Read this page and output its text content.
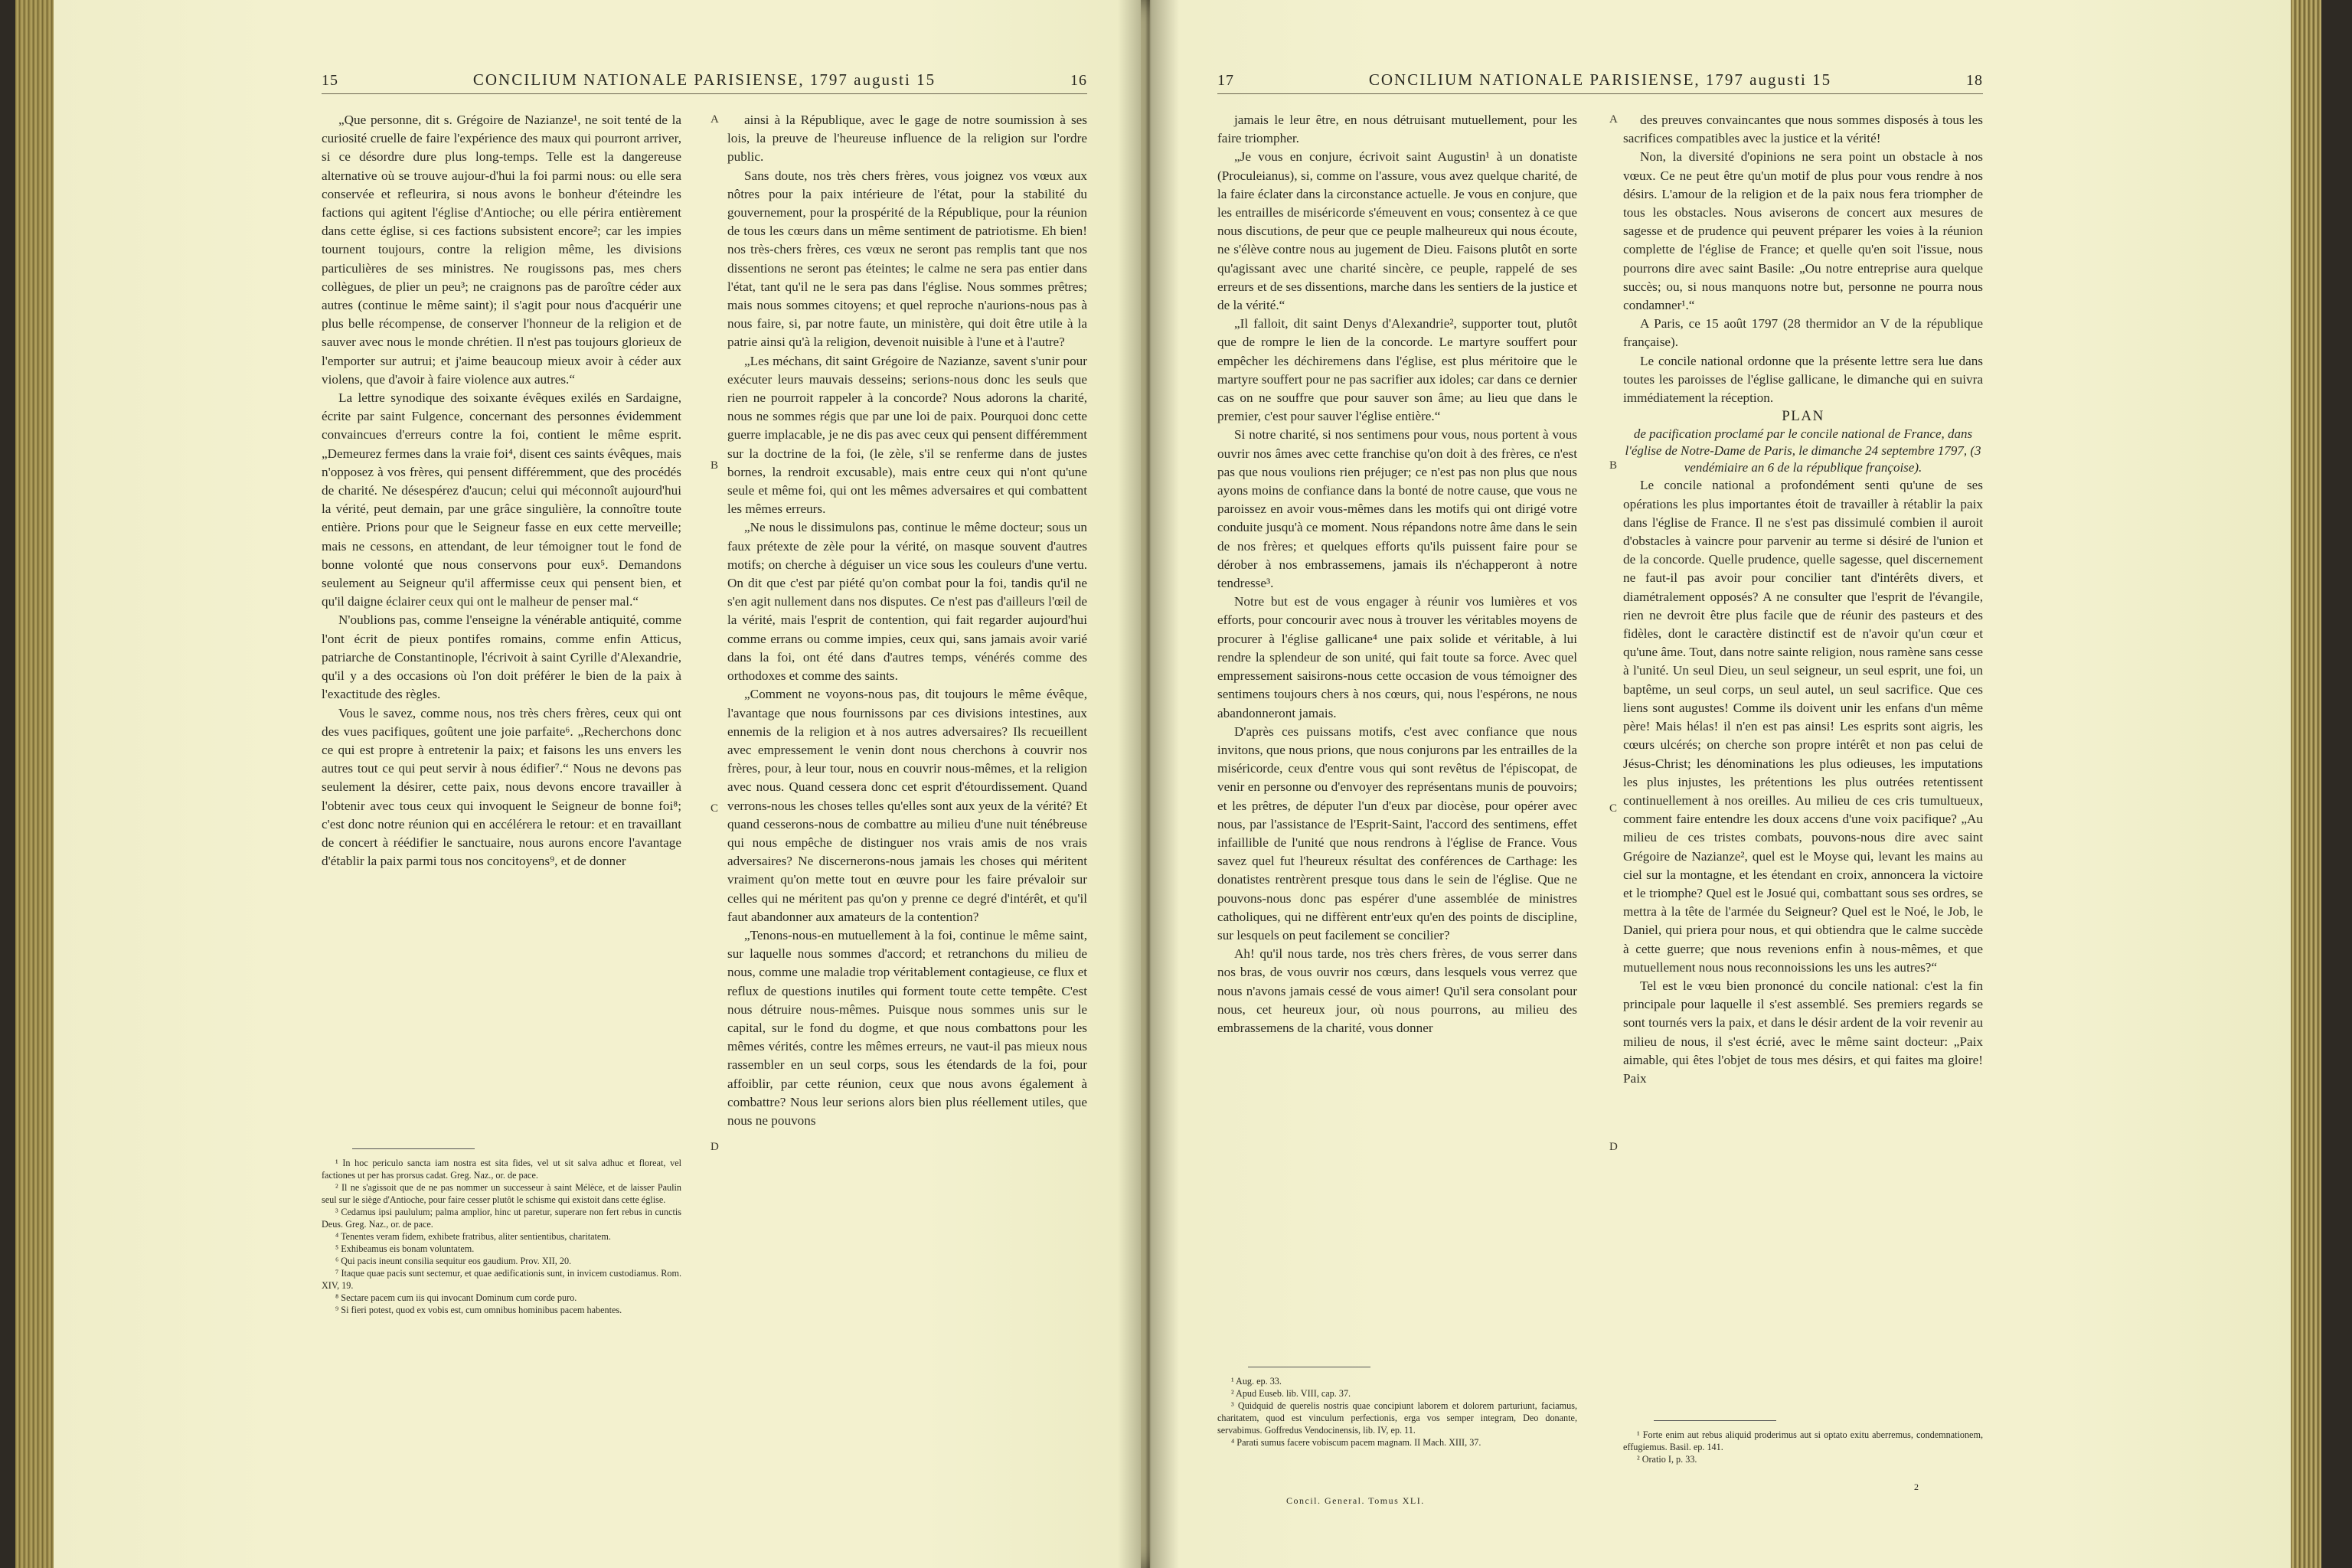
15	CONCILIUM NATIONALE PARISIENSE, 1797 augusti 15	16

„Que personne, dit s. Grégoire de Nazianze¹, ne soit tenté de la curiosité cruelle de faire l'expérience des maux qui pourront arriver, si ce désordre dure plus long-temps. Telle est la dangereuse alternative où se trouve aujour-d'hui la foi parmi nous: ou elle sera conservée et refleurira, si nous avons le bonheur d'éteindre les factions qui agitent l'église d'Antioche; ou elle périra entièrement dans cette église, si ces factions subsistent encore²; car les impies tournent toujours, contre la religion même, les divisions particulières de ses ministres. Ne rougissons pas, mes chers collègues, de plier un peu³; ne craignons pas de paroître céder aux autres (continue le même saint); il s'agit pour nous d'acquérir une plus belle récompense, de conserver l'honneur de la religion et de sauver avec nous le monde chrétien. Il n'est pas toujours glorieux de l'emporter sur autrui; et j'aime beaucoup mieux avoir à céder aux violens, que d'avoir à faire violence aux autres.“

La lettre synodique des soixante évêques exilés en Sardaigne, écrite par saint Fulgence, concernant des personnes évidemment convaincues d'erreurs contre la foi, contient le même esprit. „Demeurez fermes dans la vraie foi⁴, disent ces saints évêques, mais n'opposez à vos frères, qui pensent différemment, que des procédés de charité. Ne désespérez d'aucun; celui qui méconnoît aujourd'hui la vérité, peut demain, par une grâce singulière, la connoître toute entière. Prions pour que le Seigneur fasse en eux cette merveille; mais ne cessons, en attendant, de leur témoigner tout le fond de bonne volonté que nous conservons pour eux⁵. Demandons seulement au Seigneur qu'il affermisse ceux qui pensent bien, et qu'il daigne éclairer ceux qui ont le malheur de penser mal.“

N'oublions pas, comme l'enseigne la vénérable antiquité, comme l'ont écrit de pieux pontifes romains, comme enfin Atticus, patriarche de Constantinople, l'écrivoit à saint Cyrille d'Alexandrie, qu'il y a des occasions où l'on doit préférer le bien de la paix à l'exactitude des règles.

Vous le savez, comme nous, nos très chers frères, ceux qui ont des vues pacifiques, goûtent une joie parfaite⁶. „Recherchons donc ce qui est propre à entretenir la paix; et faisons les uns envers les autres tout ce qui peut servir à nous édifier⁷.“ Nous ne devons pas seulement la désirer, cette paix, nous devons encore travailler à l'obtenir avec tous ceux qui invoquent le Seigneur de bonne foi⁸; c'est donc notre réunion qui en accélérera le retour: et en travaillant de concert à réédifier le sanctuaire, nous aurons encore l'avantage d'établir la paix parmi tous nos concitoyens⁹, et de donner

¹ In hoc periculo sancta iam nostra est sita fides, vel ut sit salva adhuc et floreat, vel factiones ut per has prorsus cadat. Greg. Naz., or. de pace.

² Il ne s'agissoit que de ne pas nommer un successeur à saint Mélèce, et de laisser Paulin seul sur le siège d'Antioche, pour faire cesser plutôt le schisme qui existoit dans cette église.

³ Cedamus ipsi paululum; palma amplior, hinc ut paretur, superare non fert rebus in cunctis Deus. Greg. Naz., or. de pace.

⁴ Tenentes veram fidem, exhibete fratribus, aliter sentientibus, charitatem.

⁵ Exhibeamus eis bonam voluntatem.

⁶ Qui pacis ineunt consilia sequitur eos gaudium. Prov. XII, 20.

⁷ Itaque quae pacis sunt sectemur, et quae aedificationis sunt, in invicem custodiamus. Rom. XIV, 19.

⁸ Sectare pacem cum iis qui invocant Dominum cum corde puro.

⁹ Si fieri potest, quod ex vobis est, cum omnibus hominibus pacem habentes.

ainsi à la République, avec le gage de notre soumission à ses lois, la preuve de l'heureuse influence de la religion sur l'ordre public.

Sans doute, nos très chers frères, vous joignez vos vœux aux nôtres pour la paix intérieure de l'état, pour la stabilité du gouvernement, pour la prospérité de la République, pour la réunion de tous les cœurs dans un même sentiment de patriotisme. Eh bien! nos très-chers frères, ces vœux ne seront pas remplis tant que nos dissentions ne seront pas éteintes; le calme ne sera pas entier dans l'état, tant qu'il ne le sera pas dans l'église. Nous sommes prêtres; mais nous sommes citoyens; et quel reproche n'aurions-nous pas à nous faire, si, par notre faute, un ministère, qui doit être utile à la patrie ainsi qu'à la religion, devenoit nuisible à l'une et à l'autre?

„Les méchans, dit saint Grégoire de Nazianze, savent s'unir pour exécuter leurs mauvais desseins; serions-nous donc les seuls que rien ne pourroit rappeler à la concorde? Nous adorons la charité, nous ne sommes régis que par une loi de paix. Pourquoi donc cette guerre implacable, je ne dis pas avec ceux qui pensent différemment sur la doctrine de la foi, (le zèle, s'il se renferme dans de justes bornes, la rendroit excusable), mais entre ceux qui n'ont qu'une seule et même foi, qui ont les mêmes adversaires et qui combattent les mêmes erreurs.

„Ne nous le dissimulons pas, continue le même docteur; sous un faux prétexte de zèle pour la vérité, on masque souvent d'autres motifs; on cherche à déguiser un vice sous les couleurs d'une vertu. On dit que c'est par piété qu'on combat pour la foi, tandis qu'il ne s'en agit nullement dans nos disputes. Ce n'est pas d'ailleurs l'œil de la vérité, mais l'esprit de contention, qui fait regarder aujourd'hui comme errans ou comme impies, ceux qui, sans jamais avoir varié dans la foi, ont été dans d'autres temps, vénérés comme des orthodoxes et comme des saints.

„Comment ne voyons-nous pas, dit toujours le même évêque, l'avantage que nous fournissons par ces divisions intestines, aux ennemis de la religion et à nos autres adversaires? Ils recueillent avec empressement le venin dont nous cherchons à couvrir nos frères, pour, à leur tour, nous en couvrir nous-mêmes, et la religion avec nous. Quand cessera donc cet esprit d'étourdissement. Quand verrons-nous les choses telles qu'elles sont aux yeux de la vérité? Et quand cesserons-nous de combattre au milieu d'une nuit ténébreuse qui nous empêche de distinguer nos vrais amis de nos vrais adversaires? Ne discernerons-nous jamais les choses qui méritent vraiment qu'on mette tout en œuvre pour les faire prévaloir sur celles qui ne méritent pas qu'on y prenne ce degré d'intérêt, et qu'il faut abandonner aux amateurs de la contention?

„Tenons-nous-en mutuellement à la foi, continue le même saint, sur laquelle nous sommes d'accord; et retranchons du milieu de nous, comme une maladie trop véritablement contagieuse, ce flux et reflux de questions inutiles qui forment toute cette tempête. C'est nous détruire nous-mêmes. Puisque nous sommes unis sur le capital, sur le fond du dogme, et que nous combattons pour les mêmes vérités, contre les mêmes erreurs, ne vaut-il pas mieux nous rassembler en un seul corps, sous les étendards de la foi, pour affoiblir, par cette réunion, ceux que nous avons également à combattre? Nous leur serions alors bien plus réellement utiles, que nous ne pouvons

A
B
C
D
17	CONCILIUM NATIONALE PARISIENSE, 1797 augusti 15	18

jamais le leur être, en nous détruisant mutuellement, pour les faire triompher.

„Je vous en conjure, écrivoit saint Augustin¹ à un donatiste (Proculeianus), si, comme on l'assure, vous avez quelque charité, de la faire éclater dans la circonstance actuelle. Je vous en conjure, que les entrailles de miséricorde s'émeuvent en vous; consentez à ce que nous discutions, de peur que ce peuple malheureux qui nous écoute, ne s'élève contre nous au jugement de Dieu. Faisons plutôt en sorte qu'agissant avec une charité sincère, ce peuple, rappelé de ses erreurs et de ses dissentions, marche dans les sentiers de la justice et de la vérité.“

„Il falloit, dit saint Denys d'Alexandrie², supporter tout, plutôt que de rompre le lien de la concorde. Le martyre souffert pour empêcher les déchiremens dans l'église, est plus méritoire que le martyre souffert pour ne pas sacrifier aux idoles; car dans ce dernier cas on ne souffre que pour sauver son âme; au lieu que dans le premier, c'est pour sauver l'église entière.“

Si notre charité, si nos sentimens pour vous, nous portent à vous ouvrir nos âmes avec cette franchise qu'on doit à des frères, ce n'est pas que nous voulions rien préjuger; ce n'est pas non plus que nous ayons moins de confiance dans la bonté de notre cause, que vous ne paroissez en avoir vous-mêmes dans les motifs qui ont dirigé votre conduite jusqu'à ce moment. Nous répandons notre âme dans le sein de nos frères; et quelques efforts qu'ils puissent faire pour se dérober à nos embrassemens, jamais ils n'échapperont à notre tendresse³.

Notre but est de vous engager à réunir vos lumières et vos efforts, pour concourir avec nous à trouver les véritables moyens de procurer à l'église gallicane⁴ une paix solide et véritable, à lui rendre la splendeur de son unité, qui fait toute sa force. Avec quel empressement saisirons-nous cette occasion de vous témoigner des sentimens toujours chers à nos cœurs, qui, nous l'espérons, ne nous abandonneront jamais.

D'après ces puissans motifs, c'est avec confiance que nous invitons, que nous prions, que nous conjurons par les entrailles de la miséricorde, ceux d'entre vous qui sont revêtus de l'épiscopat, de venir en personne ou d'envoyer des représentans munis de pouvoirs; et les prêtres, de députer l'un d'eux par diocèse, pour opérer avec nous, par l'assistance de l'Esprit-Saint, l'accord des sentimens, effet infaillible de l'unité que nous rendrons à l'église de France. Vous savez quel fut l'heureux résultat des conférences de Carthage: les donatistes rentrèrent presque tous dans le sein de l'église. Que ne pouvons-nous donc pas espérer d'une assemblée de ministres catholiques, qui ne diffèrent entr'eux qu'en des points de discipline, sur lesquels on peut facilement se concilier?

Ah! qu'il nous tarde, nos très chers frères, de vous serrer dans nos bras, de vous ouvrir nos cœurs, dans lesquels vous verrez que nous n'avons jamais cessé de vous aimer! Qu'il sera consolant pour nous, cet heureux jour, où nous pourrons, au milieu des embrassemens de la charité, vous donner

¹ Aug. ep. 33.

² Apud Euseb. lib. VIII, cap. 37.

³ Quidquid de querelis nostris quae concipiunt laborem et dolorem parturiunt, faciamus, charitatem, quod est vinculum perfectionis, erga vos semper integram, Deo donante, servabimus. Goffredus Vendocinensis, lib. IV, ep. 11.

⁴ Parati sumus facere vobiscum pacem magnam. II Mach. XIII, 37.

Concil. General. Tomus XLI.

des preuves convaincantes que nous sommes disposés à tous les sacrifices compatibles avec la justice et la vérité!

Non, la diversité d'opinions ne sera point un obstacle à nos vœux. Ce ne peut être qu'un motif de plus pour vous rendre à nos désirs. L'amour de la religion et de la paix nous fera triompher de tous les obstacles. Nous aviserons de concert aux mesures de sagesse et de prudence qui peuvent préparer les voies à la réunion complette de l'église de France; et quelle qu'en soit l'issue, nous pourrons dire avec saint Basile: „Ou notre entreprise aura quelque succès; ou, si nous manquons notre but, personne ne pourra nous condamner¹.“

A Paris, ce 15 août 1797 (28 thermidor an V de la république française).

Le concile national ordonne que la présente lettre sera lue dans toutes les paroisses de l'église gallicane, le dimanche qui en suivra immédiatement la réception.

PLAN

de pacification proclamé par le concile national de France, dans l'église de Notre-Dame de Paris, le dimanche 24 septembre 1797, (3 vendémiaire an 6 de la république françoise).

Le concile national a profondément senti qu'une de ses opérations les plus importantes étoit de travailler à rétablir la paix dans l'église de France. Il ne s'est pas dissimulé combien il auroit d'obstacles à vaincre pour parvenir au terme si désiré de l'union et de la concorde. Quelle prudence, quelle sagesse, quel discernement ne faut-il pas avoir pour concilier tant d'intérêts divers, et diamétralement opposés? A ne consulter que l'esprit de l'évangile, rien ne devroit être plus facile que de réunir des pasteurs et des fidèles, dont le caractère distinctif est de n'avoir qu'un cœur et qu'une âme. Tout, dans notre sainte religion, nous ramène sans cesse à l'unité. Un seul Dieu, un seul seigneur, un seul esprit, une foi, un baptême, un seul corps, un seul autel, un seul sacrifice. Que ces liens sont augustes! Comme ils doivent unir les enfans d'un même père! Mais hélas! il n'en est pas ainsi! Les esprits sont aigris, les cœurs ulcérés; on cherche son propre intérêt et non pas celui de Jésus-Christ; les dénominations les plus odieuses, les imputations les plus injustes, les prétentions les plus outrées retentissent continuellement à nos oreilles. Au milieu de ces cris tumultueux, comment faire entendre les doux accens d'une voix pacifique? „Au milieu de ces tristes combats, pouvons-nous dire avec saint Grégoire de Nazianze², quel est le Moyse qui, levant les mains au ciel sur la montagne, et les étendant en croix, annoncera la victoire et le triomphe? Quel est le Josué qui, combattant sous ses ordres, se mettra à la tête de l'armée du Seigneur? Quel est le Noé, le Job, le Daniel, qui priera pour nous, et qui obtiendra que le calme succède à cette guerre; que nous revenions enfin à nous-mêmes, et que mutuellement nous nous reconnoissions les uns les autres?“

Tel est le vœu bien prononcé du concile national: c'est la fin principale pour laquelle il s'est assemblé. Ses premiers regards se sont tournés vers la paix, et dans le désir ardent de la voir revenir au milieu de nous, il s'est écrié, avec le même saint docteur: „Paix aimable, qui êtes l'objet de tous mes désirs, et qui faites ma gloire! Paix

¹ Forte enim aut rebus aliquid proderimus aut si optato exitu aberremus, condemnationem, effugiemus. Basil. ep. 141.

² Oratio I, p. 33.

2
A
B
C
D
